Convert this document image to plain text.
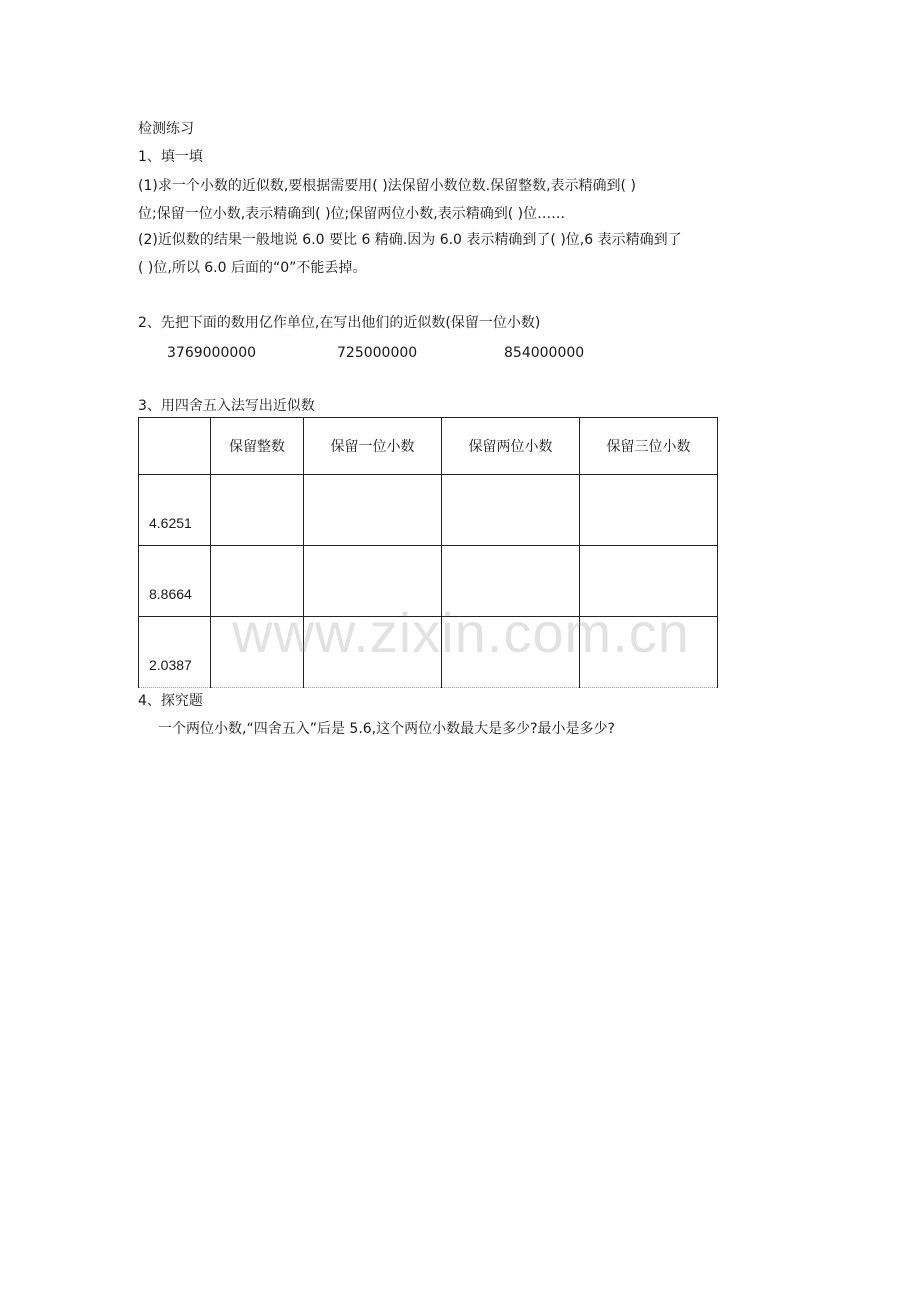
检测练习
1、填一填
(1)求一个小数的近似数,要根据需要用( )法保留小数位数.保留整数,表示精确到( )
位;保留一位小数,表示精确到( )位;保留两位小数,表示精确到( )位……
(2)近似数的结果一般地说 6.0 要比 6 精确.因为 6.0 表示精确到了( )位,6 表示精确到了
( )位,所以 6.0 后面的“0”不能丢掉。
2、先把下面的数用亿作单位,在写出他们的近似数(保留一位小数)
3769000000	725000000	854000000
3、用四舍五入法写出近似数
	保留整数	保留一位小数	保留两位小数	保留三位小数
4.6251				
8.8664				
2.0387				
www.zixin.com.cn
4、探究题
一个两位小数,“四舍五入”后是 5.6,这个两位小数最大是多少?最小是多少?
